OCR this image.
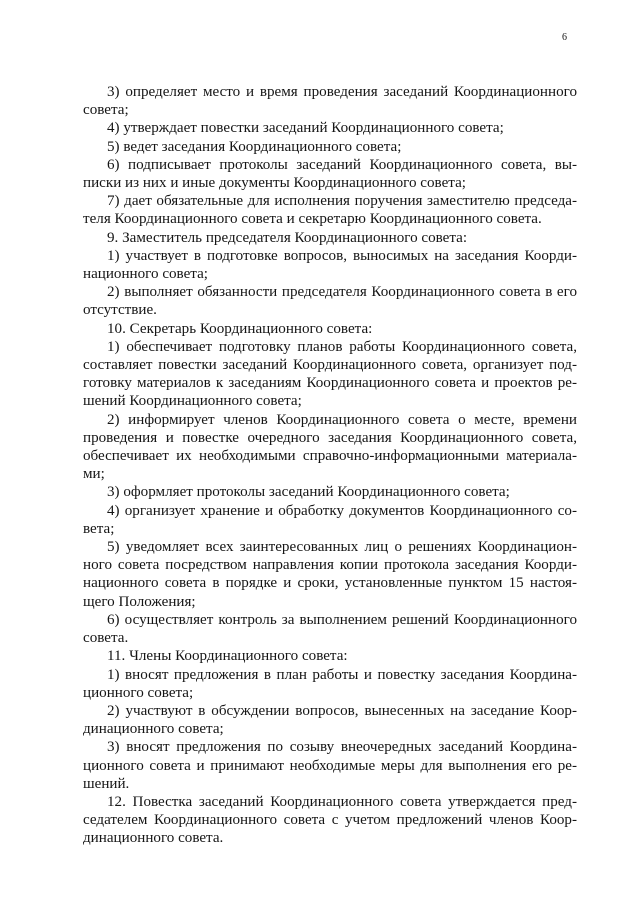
6

3) определяет место и время проведения заседаний Координационного совета;

4) утверждает повестки заседаний Координационного совета;

5) ведет заседания Координационного совета;

6) подписывает протоколы заседаний Координационного совета, вы-писки из них и иные документы Координационного совета;

7) дает обязательные для исполнения поручения заместителю председа-теля Координационного совета и секретарю Координационного совета.

9. Заместитель председателя Координационного совета:

1) участвует в подготовке вопросов, выносимых на заседания Коорди-национного совета;

2) выполняет обязанности председателя Координационного совета в его отсутствие.

10. Секретарь Координационного совета:

1) обеспечивает подготовку планов работы Координационного совета, составляет повестки заседаний Координационного совета, организует под-готовку материалов к заседаниям Координационного совета и проектов ре-шений Координационного совета;

2) информирует членов Координационного совета о месте, времени проведения и повестке очередного заседания Координационного совета, обеспечивает их необходимыми справочно-информационными материала-ми;

3) оформляет протоколы заседаний Координационного совета;

4) организует хранение и обработку документов Координационного со-вета;

5) уведомляет всех заинтересованных лиц о решениях Координацион-ного совета посредством направления копии протокола заседания Коорди-национного совета в порядке и сроки, установленные пунктом 15 настоя-щего Положения;

6) осуществляет контроль за выполнением решений Координационного совета.

11. Члены Координационного совета:

1) вносят предложения в план работы и повестку заседания Координа-ционного совета;

2) участвуют в обсуждении вопросов, вынесенных на заседание Коор-динационного совета;

3) вносят предложения по созыву внеочередных заседаний Координа-ционного совета и принимают необходимые меры для выполнения его ре-шений.

12. Повестка заседаний Координационного совета утверждается пред-седателем Координационного совета с учетом предложений членов Коор-динационного совета.
